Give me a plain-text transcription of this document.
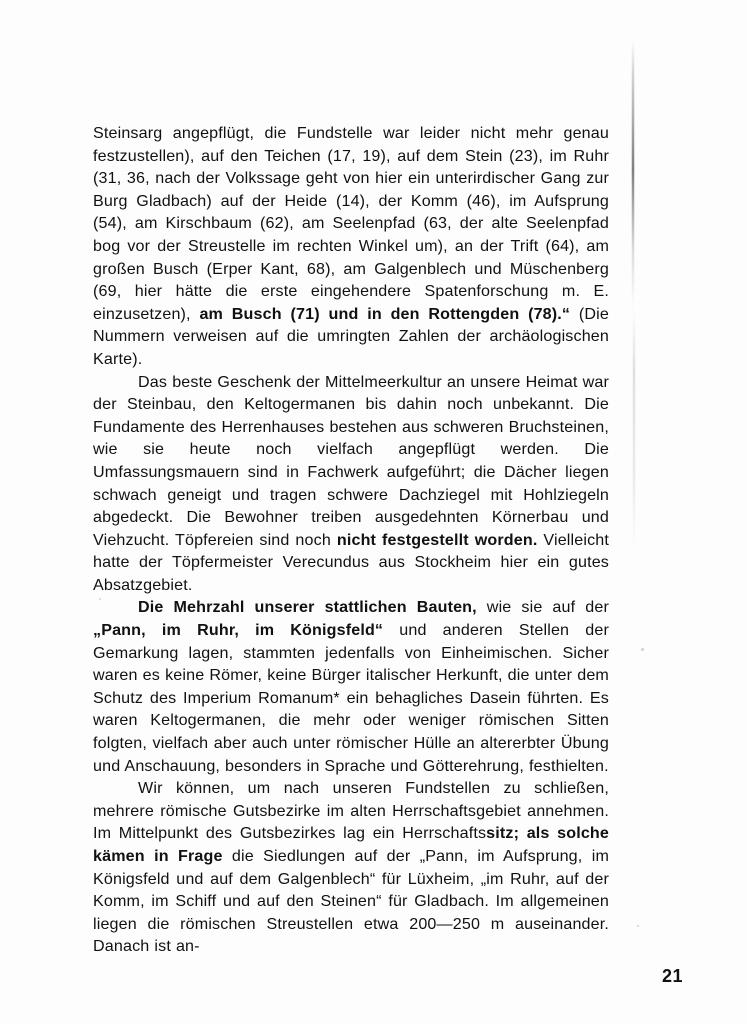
Steinsarg angepflügt, die Fundstelle war leider nicht mehr genau festzustellen), auf den Teichen (17, 19), auf dem Stein (23), im Ruhr (31, 36, nach der Volkssage geht von hier ein unterirdischer Gang zur Burg Gladbach) auf der Heide (14), der Komm (46), im Aufsprung (54), am Kirschbaum (62), am Seelenpfad (63, der alte Seelenpfad bog vor der Streustelle im rechten Winkel um), an der Trift (64), am großen Busch (Erper Kant, 68), am Galgenblech und Müschenberg (69, hier hätte die erste eingehendere Spatenforschung m. E. einzusetzen), am Busch (71) und in den Rottengden (78).“ (Die Nummern verweisen auf die umringten Zahlen der archäologischen Karte).

Das beste Geschenk der Mittelmeerkultur an unsere Heimat war der Steinbau, den Keltogermanen bis dahin noch unbekannt. Die Fundamente des Herrenhauses bestehen aus schweren Bruchsteinen, wie sie heute noch vielfach angepflügt werden. Die Umfassungsmauern sind in Fachwerk aufgeführt; die Dächer liegen schwach geneigt und tragen schwere Dachziegel mit Hohlziegeln abgedeckt. Die Bewohner treiben ausgedehnten Körnerbau und Viehzucht. Töpfereien sind noch nicht festgestellt worden. Vielleicht hatte der Töpfermeister Verecundus aus Stockheim hier ein gutes Absatzgebiet.

Die Mehrzahl unserer stattlichen Bauten, wie sie auf der „Pann, im Ruhr, im Königsfeld“ und anderen Stellen der Gemarkung lagen, stammten jedenfalls von Einheimischen. Sicher waren es keine Römer, keine Bürger italischer Herkunft, die unter dem Schutz des Imperium Romanum* ein behagliches Dasein führten. Es waren Keltogermanen, die mehr oder weniger römischen Sitten folgten, vielfach aber auch unter römischer Hülle an altererbter Übung und Anschauung, besonders in Sprache und Götterehrung, festhielten.

Wir können, um nach unseren Fundstellen zu schließen, mehrere römische Gutsbezirke im alten Herrschaftsgebiet annehmen. Im Mittelpunkt des Gutsbezirkes lag ein Herrschaftssitz; als solche kämen in Frage die Siedlungen auf der „Pann, im Aufsprung, im Königsfeld und auf dem Galgenblech“ für Lüxheim, „im Ruhr, auf der Komm, im Schiff und auf den Steinen“ für Gladbach. Im allgemeinen liegen die römischen Streustellen etwa 200—250 m auseinander. Danach ist an-

21
